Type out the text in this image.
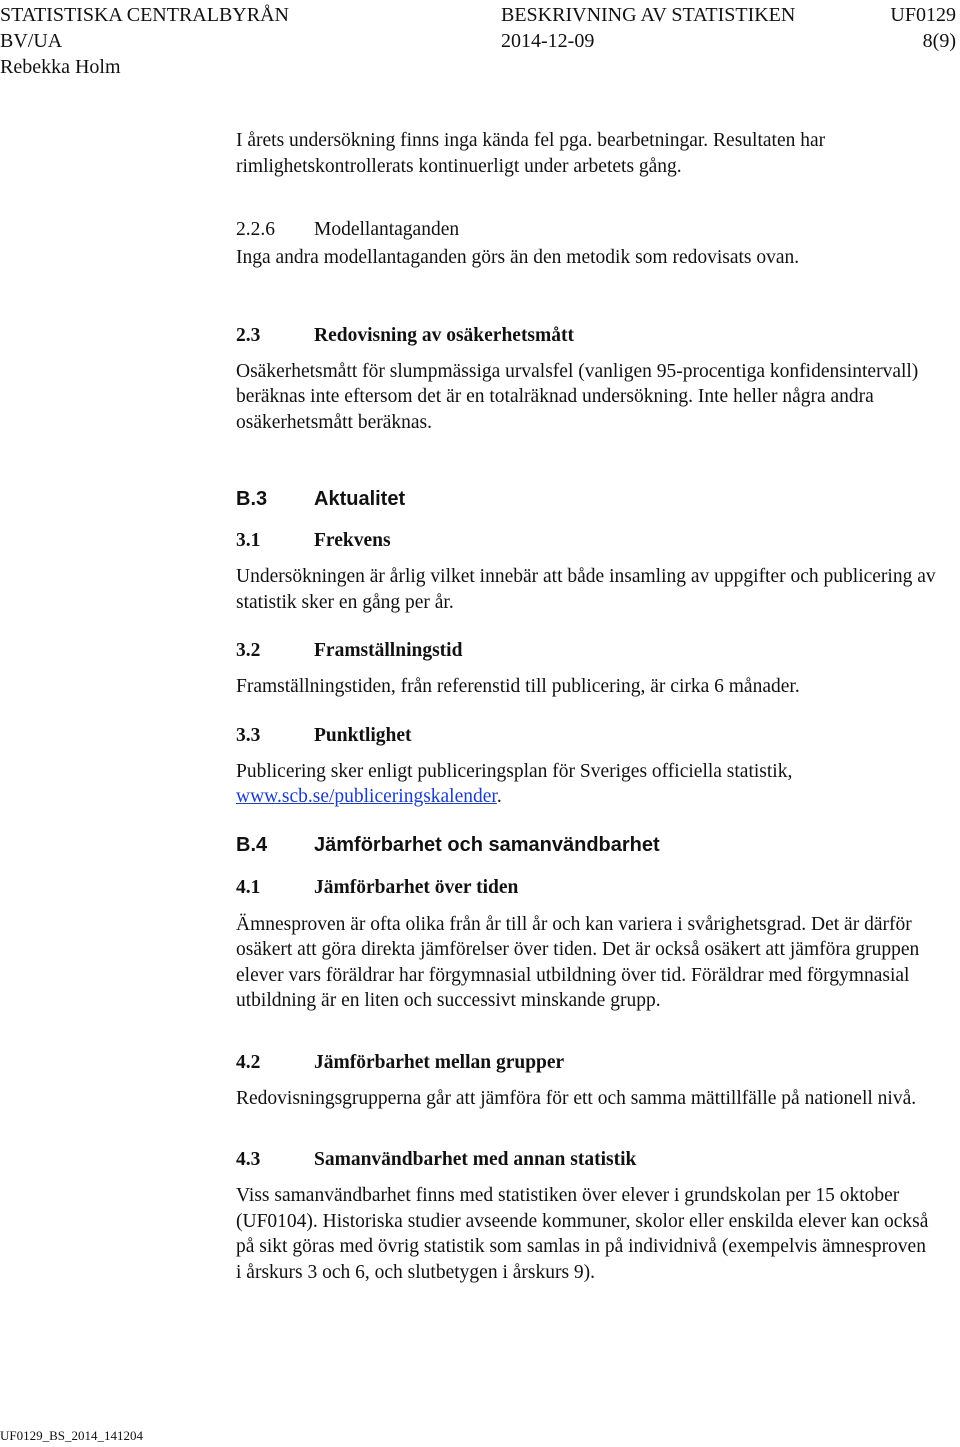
STATISTISKA CENTRALBYRÅN	BESKRIVNING AV STATISTIKEN	UF0129
BV/UA	2014-12-09	8(9)
Rebekka Holm

I årets undersökning finns inga kända fel pga. bearbetningar. Resultaten har rimlighetskontrollerats kontinuerligt under arbetets gång.

2.2.6	Modellantaganden

Inga andra modellantaganden görs än den metodik som redovisats ovan.

2.3	Redovisning av osäkerhetsmått

Osäkerhetsmått för slumpmässiga urvalsfel (vanligen 95-procentiga konfidensintervall) beräknas inte eftersom det är en totalräknad undersökning. Inte heller några andra osäkerhetsmått beräknas.

B.3	Aktualitet
3.1	Frekvens

Undersökningen är årlig vilket innebär att både insamling av uppgifter och publicering av statistik sker en gång per år.

3.2	Framställningstid

Framställningstiden, från referenstid till publicering, är cirka 6 månader.

3.3	Punktlighet

Publicering sker enligt publiceringsplan för Sveriges officiella statistik, www.scb.se/publiceringskalender.

B.4	Jämförbarhet och samanvändbarhet
4.1	Jämförbarhet över tiden

Ämnesproven är ofta olika från år till år och kan variera i svårighetsgrad. Det är därför osäkert att göra direkta jämförelser över tiden. Det är också osäkert att jämföra gruppen elever vars föräldrar har förgymnasial utbildning över tid. Föräldrar med förgymnasial utbildning är en liten och successivt minskande grupp.

4.2	Jämförbarhet mellan grupper

Redovisningsgrupperna går att jämföra för ett och samma mättillfälle på nationell nivå.

4.3	Samanvändbarhet med annan statistik

Viss samanvändbarhet finns med statistiken över elever i grundskolan per 15 oktober (UF0104). Historiska studier avseende kommuner, skolor eller enskilda elever kan också på sikt göras med övrig statistik som samlas in på individnivå (exempelvis ämnesproven i årskurs 3 och 6, och slutbetygen i årskurs 9).

UF0129_BS_2014_141204
